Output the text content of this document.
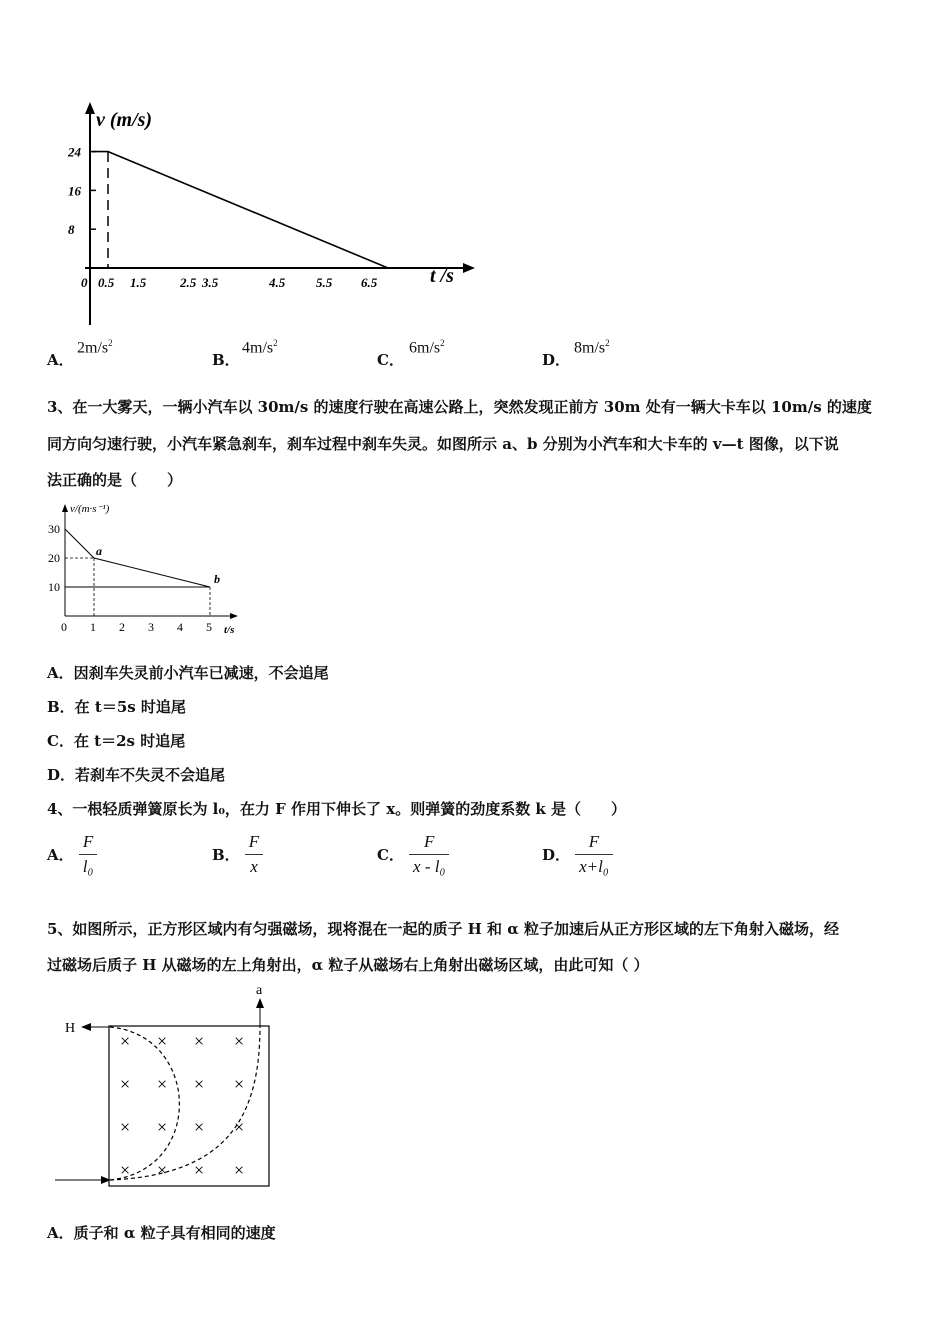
v (m/s)
t /s
24
16
8
0 0.5 1.5	2.5 3.5	4.5 5.5 6.5
A．
$2m/s^2$
B．
$4m/s^2$
C．
$6m/s^2$
D．
$8m/s^2$
3、在一大雾天，一辆小汽车以 30m/s 的速度行驶在高速公路上，突然发现正前方 30m 处有一辆大卡车以 10m/s 的速度
同方向匀速行驶，小汽车紧急刹车，刹车过程中刹车失灵。如图所示 a、b 分别为小汽车和大卡车的 v—t 图像，以下说
法正确的是（　　）
v/(m·s⁻¹)
t/s
30
20
10
0 1 2 3 4 5
a
b
A．因刹车失灵前小汽车已减速，不会追尾
B．在 t＝5s 时追尾
C．在 t＝2s 时追尾
D．若刹车不失灵不会追尾
4、一根轻质弹簧原长为 l₀，在力 F 作用下伸长了 x。则弹簧的劲度系数 k 是（　　）
A． $\frac{F}{\text{l₀}}$	B． $\frac{F}{x}$	C． $\frac{F}{\text{x - l₀}}$	D． $\frac{F}{\text{x+l₀}}$
5、如图所示，正方形区域内有匀强磁场，现将混在一起的质子 H 和 α 粒子加速后从正方形区域的左下角射入磁场，经
过磁场后质子 H 从磁场的左上角射出，α 粒子从磁场右上角射出磁场区域，由此可知（ ）
H
a
× × × ×
× × × ×
× × × ×
× × × ×
A．质子和 α 粒子具有相同的速度
